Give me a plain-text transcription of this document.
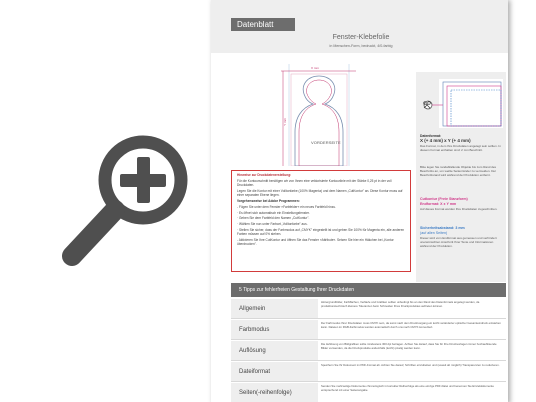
Datenblatt
Fenster-Klebefolie
in Menschen-Form, bedruckt, 4/0-farbig
X mm
Y mm
VORDERSEITE

Hinweise zur Druckdatenerstellung:

Für die Kontourschnitt benötigen wir von Ihnen eine vektorisierte Kontourlinie mit der Stärke 0,25 pt in der voll Druckdaten.

Legen Sie die Kontur mit einer Volltonfarbe (100% Magenta) und dem Namen „CutKontur" an. Diese Kontur muss auf einer separaten Ebene liegen.

Vorgehensweise bei Adobe Programmen:

- Fügen Sie unter dem Fenster »Farbfelder« ein neues Farbfeld hinzu.

· Es öffnet sich automatisch ein Einstellungsfenster.

· Geben Sie dem Farbfeld den Namen „CutKontur".

· Wählen Sie nun unter Farbart „Volltonfarbe" aus.

· Stellen Sie sicher, dass der Farbmodus auf „CMYK" eingestellt ist und geben Sie 100% für Magenta ein, alle anderen Farben müssen auf 0% stehen.

- Aktivieren Sie Ihre CutKontur und öffnen Sie das Fenster »Attribute«. Setzen Sie hier ein Häkchen bei „Kontur überdrucken".

Datenformat:
X (+ 4 mm) x Y (+ 4 mm)
Das Format, in dem Ihre Druckdaten angelegt sein sollten. In diesem Format enthalten sind: 2 mm Beschnitt.
Bitte legen Sie randabfallende Objekte bis zum Rand des Beschnitts an, um weiße Seitenränder zu vermeiden. Der Beschnittsrand wird während der Produktion entfernt.
Cutkontur (Freie Stanzform)
Endformat: X x Y mm
Auf dieses Format werden Ihre Druckdaten zugeschnitten.
Sicherheitsabstand: 3 mm
(auf allen Seiten)
Dieser wird vom Endformat aus gemessen und verhindert unerwünschten Anschnitt Ihrer Texte und Informationen während der Produktion.
5 Tipps zur fehlerfreien Gestaltung Ihrer Druckdaten
Allgemein
Hintergrundbilder, Farbflächen, Verläufe und Grafiken sollten unbedingt bis an den Rand des Datenformats angelegt werden, da produktionstechnisch kleinere Toleranzen beim Schneiden Ihres Druckproduktes auftreten können.
Farbmodus
Der Farbmodus Ihrer Druckdaten muss CMYK sein, da sonst nach dem Druckvorgang ein leicht veränderter optischer Gesamteindruck entstehen kann. Dateien im RGB-Farbmodus werden automatisch durch uns nach CMYK konvertiert.
Auflösung
Die Auflösung von Bildgrafiken sollte mindestens 300 dpi betragen. Achten Sie darauf, dass Sie für Ihre Druckvorlagen immer hochauflösende Bilder verwenden, da die Druckprodukte andernfalls (leicht) pixelig werden kann.
Dateiformat
Speichern Sie Ihr Dokument im PDF-Format ab. Achten Sie darauf, Schriften einzubetten und (soweit ab möglich) Transparenzen zu reduzieren.
Seiten(-reihenfolge)
Senden Sie mehrseitige Dokumente chronologisch in korrekter Reihenfolge als eine einzige PDF-Datei und benennen Sie Einzeldokumente entsprechend mit einer Seitenangabe.
